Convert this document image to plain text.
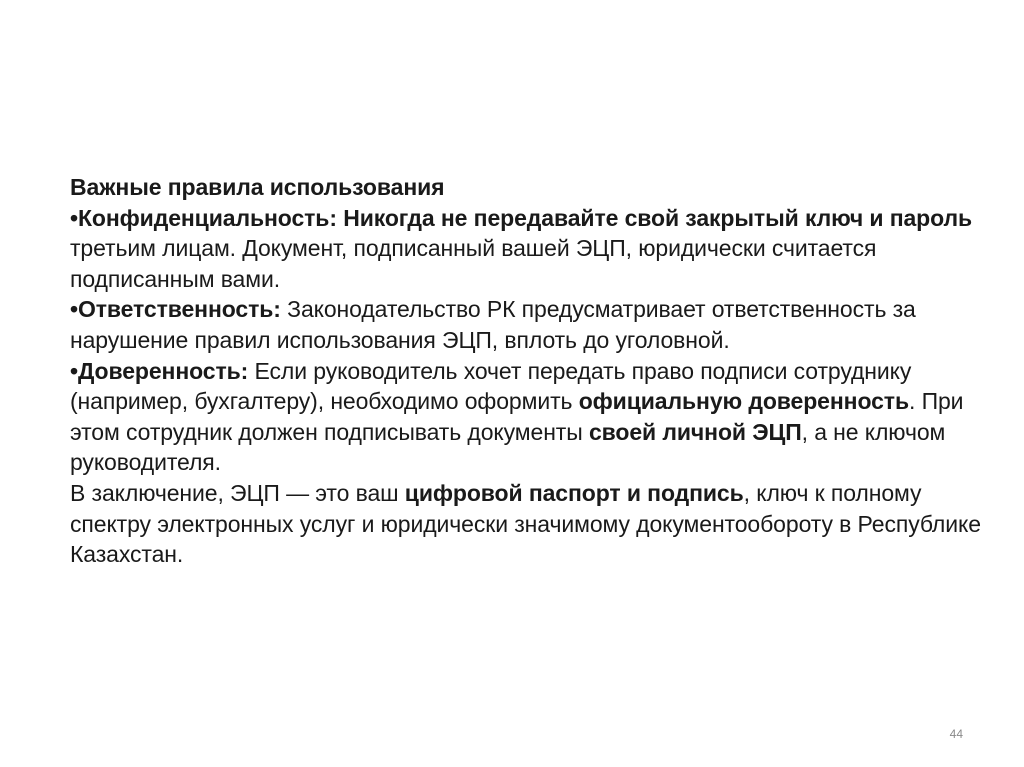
Важные правила использования

•Конфиденциальность: Никогда не передавайте свой закрытый ключ и пароль третьим лицам. Документ, подписанный вашей ЭЦП, юридически считается подписанным вами.

•Ответственность: Законодательство РК предусматривает ответственность за нарушение правил использования ЭЦП, вплоть до уголовной.

•Доверенность: Если руководитель хочет передать право подписи сотруднику (например, бухгалтеру), необходимо оформить официальную доверенность. При этом сотрудник должен подписывать документы своей личной ЭЦП, а не ключом руководителя.

В заключение, ЭЦП — это ваш цифровой паспорт и подпись, ключ к полному спектру электронных услуг и юридически значимому документообороту в Республике Казахстан.

44
